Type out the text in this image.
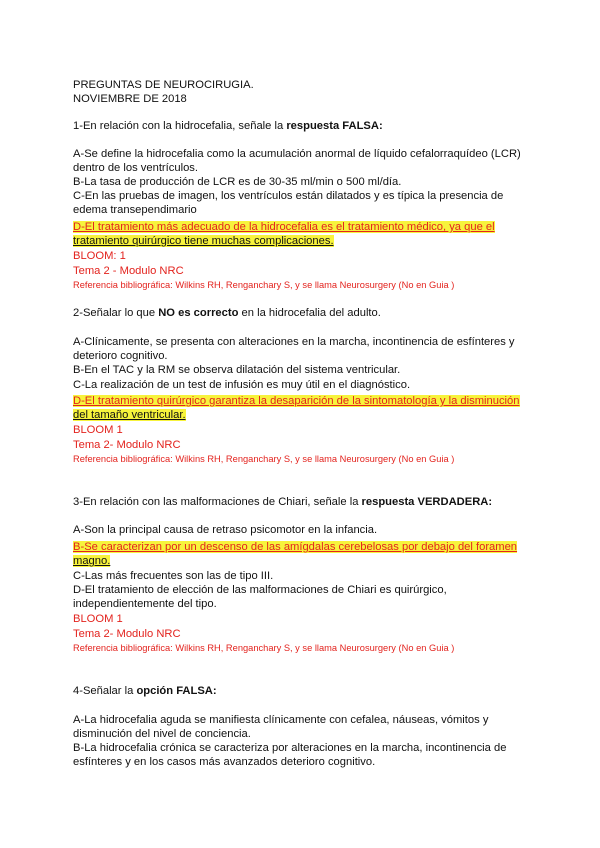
PREGUNTAS DE NEUROCIRUGIA.
NOVIEMBRE DE 2018
1-En relación con la hidrocefalia, señale la respuesta FALSA:
A-Se define la hidrocefalia como la acumulación anormal de líquido cefalorraquídeo (LCR)
dentro de los ventrículos.
B-La tasa de producción de LCR es de 30-35 ml/min o 500 ml/día.
C-En las pruebas de imagen, los ventrículos están dilatados y es típica la presencia de
edema transependimario
D-El tratamiento más adecuado de la hidrocefalia es el tratamiento médico, ya que el
tratamiento quirúrgico tiene muchas complicaciones.
BLOOM: 1
Tema 2 - Modulo NRC
Referencia bibliográfica: Wilkins RH, Renganchary S, y se llama Neurosurgery (No en Guia )
2-Señalar lo que NO es correcto en la hidrocefalia del adulto.
A-Clínicamente, se presenta con alteraciones en la marcha, incontinencia de esfínteres y
deterioro cognitivo.
B-En el TAC y la RM se observa dilatación del sistema ventricular.
C-La realización de un test de infusión es muy útil en el diagnóstico.
D-El tratamiento quirúrgico garantiza la desaparición de la sintomatología y la disminución
del tamaño ventricular.
BLOOM 1
Tema 2- Modulo NRC
Referencia bibliográfica: Wilkins RH, Renganchary S, y se llama Neurosurgery (No en Guia )
3-En relación con las malformaciones de Chiari, señale la respuesta VERDADERA:
A-Son la principal causa de retraso psicomotor en la infancia.
B-Se caracterizan por un descenso de las amígdalas cerebelosas por debajo del foramen
magno.
C-Las más frecuentes son las de tipo III.
D-El tratamiento de elección de las malformaciones de Chiari es quirúrgico,
independientemente del tipo.
BLOOM 1
Tema 2- Modulo NRC
Referencia bibliográfica: Wilkins RH, Renganchary S, y se llama Neurosurgery (No en Guia )
4-Señalar la opción FALSA:
A-La hidrocefalia aguda se manifiesta clínicamente con cefalea, náuseas, vómitos y
disminución del nivel de conciencia.
B-La hidrocefalia crónica se caracteriza por alteraciones en la marcha, incontinencia de
esfínteres y en los casos más avanzados deterioro cognitivo.
